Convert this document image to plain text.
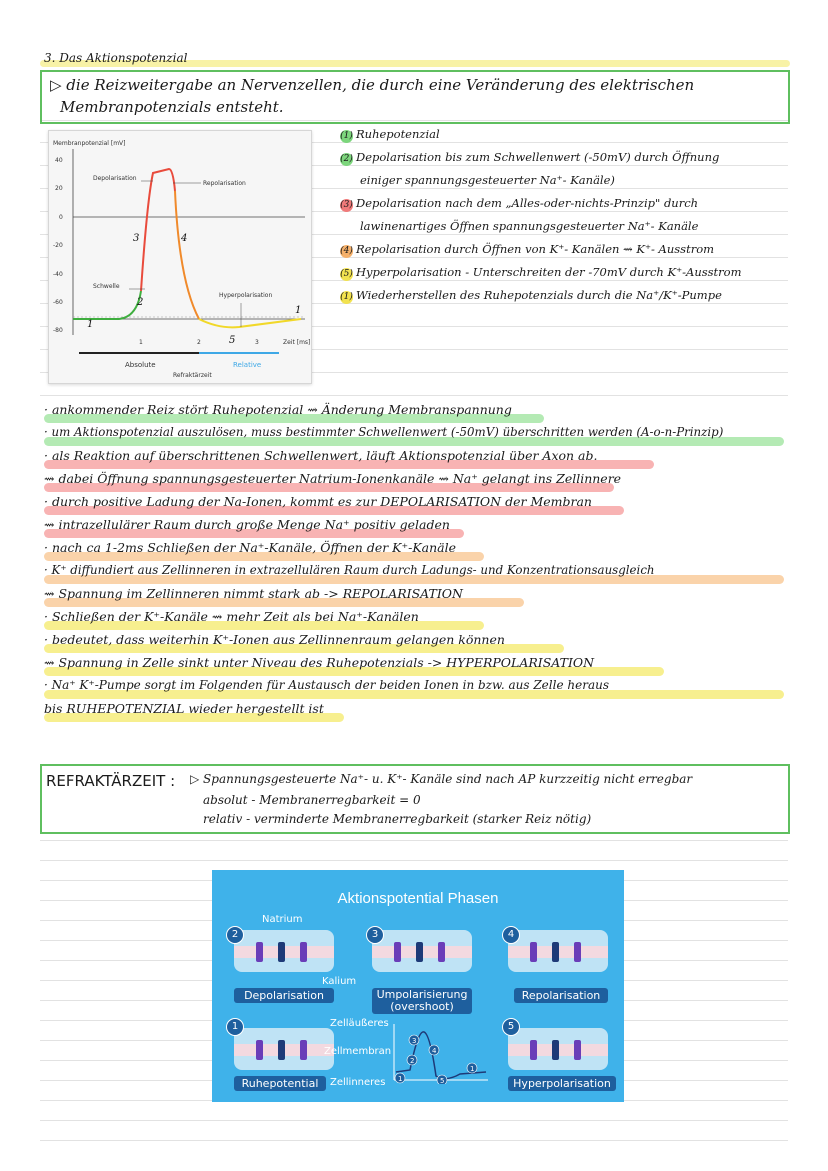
3. Das Aktionspotenzial
▷ die Reizweitergabe an Nervenzellen, die durch eine Veränderung des elektrischen
Membranpotenzials entsteht.
Membranpotenzial [mV]
40
20
0
-20
-40
-60
-80
1	2	3	Zeit [ms]
Depolarisation
Repolarisation
Hyperpolarisation
Schwelle
1
2
3	4
5
1
Absolute	Relative
Refraktärzeit
(1) Ruhepotenzial
(2) Depolarisation bis zum Schwellenwert (-50mV) durch Öffnung
einiger spannungsgesteuerter Na⁺- Kanäle)
(3) Depolarisation nach dem „Alles-oder-nichts-Prinzip" durch
lawinenartiges Öffnen spannungsgesteuerter Na⁺- Kanäle
(4) Repolarisation durch Öffnen von K⁺- Kanälen ⇝ K⁺- Ausstrom
(5) Hyperpolarisation - Unterschreiten der -70mV durch K⁺-Ausstrom
(1) Wiederherstellen des Ruhepotenzials durch die Na⁺/K⁺-Pumpe
· ankommender Reiz stört Ruhepotenzial ⇝ Änderung Membranspannung
· um Aktionspotenzial auszulösen, muss bestimmter Schwellenwert (-50mV) überschritten werden (A-o-n-Prinzip)
· als Reaktion auf überschrittenen Schwellenwert, läuft Aktionspotenzial über Axon ab.
⇝ dabei Öffnung spannungsgesteuerter Natrium-Ionenkanäle ⇝ Na⁺ gelangt ins Zellinnere
· durch positive Ladung der Na-Ionen, kommt es zur DEPOLARISATION der Membran
⇝ intrazellulärer Raum durch große Menge Na⁺ positiv geladen
· nach ca 1-2ms Schließen der Na⁺-Kanäle, Öffnen der K⁺-Kanäle
· K⁺ diffundiert aus Zellinneren in extrazellulären Raum durch Ladungs- und Konzentrationsausgleich
⇝ Spannung im Zellinneren nimmt stark ab -> REPOLARISATION
· Schließen der K⁺-Kanäle ⇝ mehr Zeit als bei Na⁺-Kanälen
· bedeutet, dass weiterhin K⁺-Ionen aus Zellinnenraum gelangen können
⇝ Spannung in Zelle sinkt unter Niveau des Ruhepotenzials -> HYPERPOLARISATION
· Na⁺ K⁺-Pumpe sorgt im Folgenden für Austausch der beiden Ionen in bzw. aus Zelle heraus
bis RUHEPOTENZIAL wieder hergestellt ist
REFRAKTÄRZEIT : ▷ Spannungsgesteuerte Na⁺- u. K⁺- Kanäle sind nach AP kurzzeitig nicht erregbar
absolut - Membranerregbarkeit = 0
relativ - verminderte Membranerregbarkeit (starker Reiz nötig)
Aktionspotential Phasen
2
Natrium
Kalium
Depolarisation
3
Umpolarisierung
(overshoot)
4
Repolarisation
1	Zelläußeres
Zellmembran
Zellinneres
Ruhepotential	1
2
3
4
5
1
5
Hyperpolarisation
